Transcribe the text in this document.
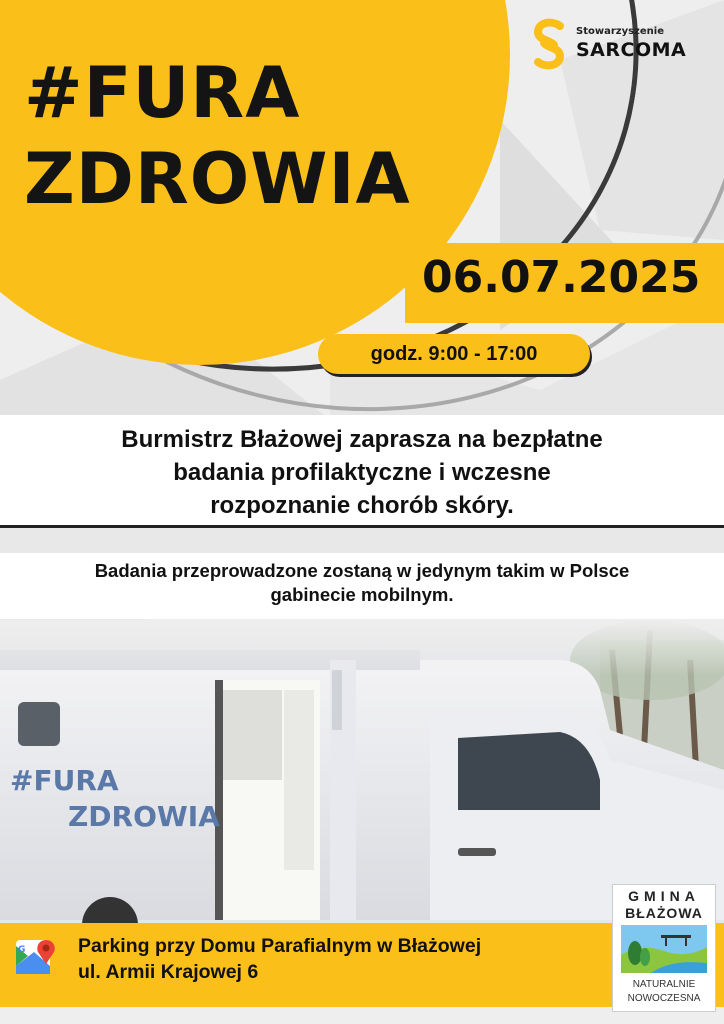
#FURA
ZDROWIA
Stowarzyszenie
SARCOMA
06.07.2025
godz. 9:00 - 17:00
Burmistrz Błażowej zaprasza na bezpłatne
badania profilaktyczne i wczesne
rozpoznanie chorób skóry.
Badania przeprowadzone zostaną w jedynym takim w Polsce
gabinecie mobilnym.
G	Parking przy Domu Parafialnym w Błażowej
ul. Armii Krajowej 6
GMINA
BŁAŻOWA
NATURALNIE
NOWOCZESNA
